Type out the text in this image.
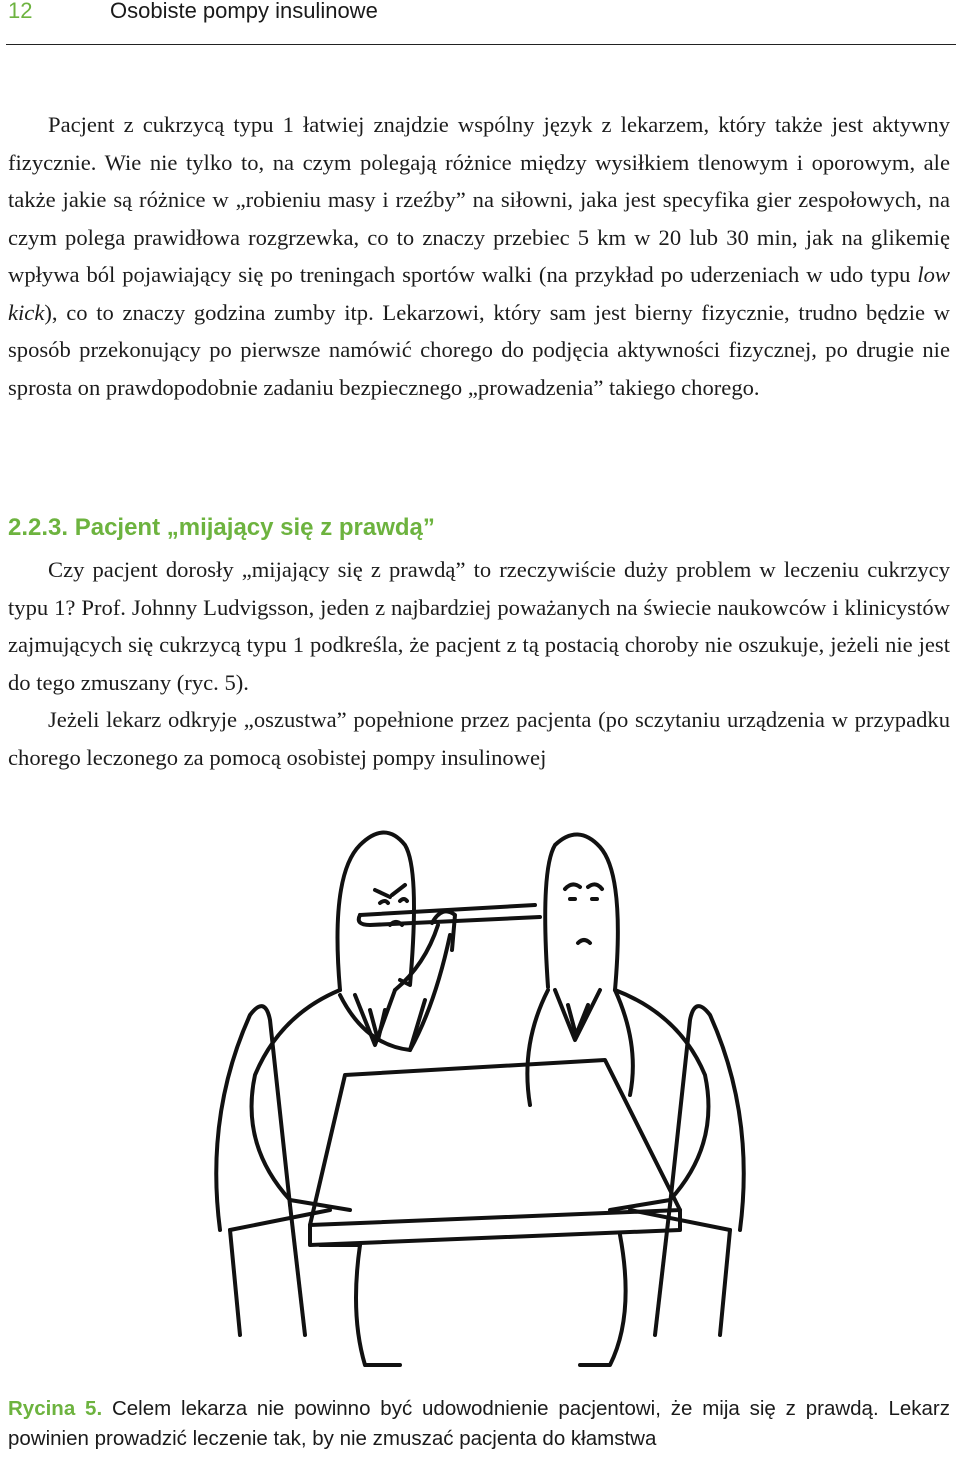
12	Osobiste pompy insulinowe

Pacjent z cukrzycą typu 1 łatwiej znajdzie wspólny język z lekarzem, który także jest aktywny fizycznie. Wie nie tylko to, na czym polegają różnice między wysiłkiem tlenowym i oporowym, ale także jakie są różnice w „robieniu masy i rzeźby” na siłowni, jaka jest specyfika gier zespołowych, na czym polega prawidłowa rozgrzewka, co to znaczy przebiec 5 km w 20 lub 30 min, jak na glikemię wpływa ból pojawiający się po treningach sportów walki (na przykład po uderzeniach w udo typu low kick), co to znaczy godzina zumby itp. Lekarzowi, który sam jest bierny fizycznie, trudno będzie w sposób przekonujący po pierwsze namówić chorego do podjęcia aktywności fizycznej, po drugie nie sprosta on prawdopodobnie zadaniu bezpiecznego „prowadzenia” takiego chorego.

2.2.3. Pacjent „mijający się z prawdą”

Czy pacjent dorosły „mijający się z prawdą” to rzeczywiście duży problem w leczeniu cukrzycy typu 1? Prof. Johnny Ludvigsson, jeden z najbardziej poważanych na świecie naukowców i klinicystów zajmujących się cukrzycą typu 1 podkreśla, że pacjent z tą postacią choroby nie oszukuje, jeżeli nie jest do tego zmuszany (ryc. 5).

Jeżeli lekarz odkryje „oszustwa” popełnione przez pacjenta (po sczytaniu urządzenia w przypadku chorego leczonego za pomocą osobistej pompy insulinowej

Rycina 5. Celem lekarza nie powinno być udowodnienie pacjentowi, że mija się z prawdą. Lekarz powinien prowadzić leczenie tak, by nie zmuszać pacjenta do kłamstwa
